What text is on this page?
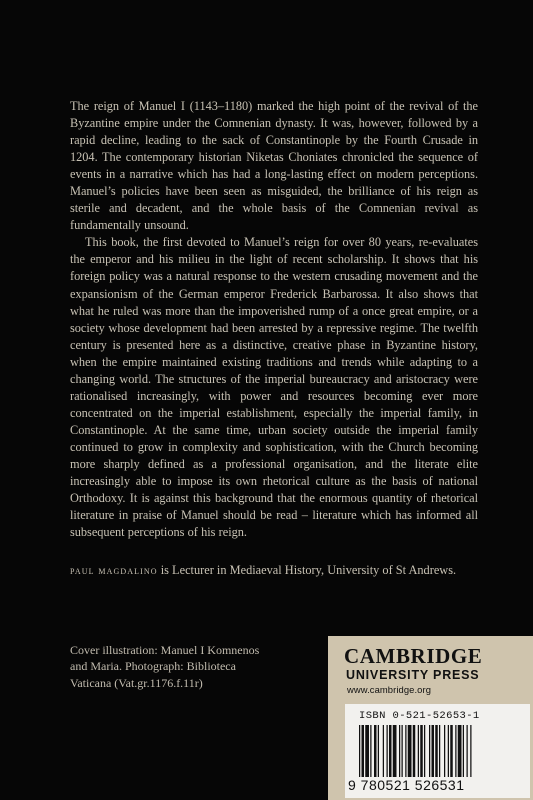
The reign of Manuel I (1143–1180) marked the high point of the revival of the Byzantine empire under the Comnenian dynasty. It was, however, followed by a rapid decline, leading to the sack of Constantinople by the Fourth Crusade in 1204. The contemporary historian Niketas Choniates chronicled the sequence of events in a narrative which has had a long-lasting effect on modern perceptions. Manuel’s policies have been seen as misguided, the brilliance of his reign as sterile and decadent, and the whole basis of the Comnenian revival as fundamentally unsound.

This book, the first devoted to Manuel’s reign for over 80 years, re-evaluates the emperor and his milieu in the light of recent scholarship. It shows that his foreign policy was a natural response to the western crusading movement and the expansionism of the German emperor Frederick Barbarossa. It also shows that what he ruled was more than the impoverished rump of a once great empire, or a society whose development had been arrested by a repressive regime. The twelfth century is presented here as a distinctive, creative phase in Byzantine history, when the empire maintained existing traditions and trends while adapting to a changing world. The structures of the imperial bureaucracy and aristocracy were rationalised increasingly, with power and resources becoming ever more concentrated on the imperial establishment, especially the imperial family, in Constantinople. At the same time, urban society outside the imperial family continued to grow in complexity and sophistication, with the Church becoming more sharply defined as a professional organisation, and the literate elite increasingly able to impose its own rhetorical culture as the basis of national Orthodoxy. It is against this background that the enormous quantity of rhetorical literature in praise of Manuel should be read – literature which has informed all subsequent perceptions of his reign.

paul magdalino is Lecturer in Mediaeval History, University of St Andrews.
Cover illustration: Manuel I Komnenos and Maria. Photograph: Biblioteca Vaticana (Vat.gr.1176.f.11r)
CAMBRIDGE
UNIVERSITY PRESS
www.cambridge.org
ISBN 0-521-52653-1
9 780521 526531
